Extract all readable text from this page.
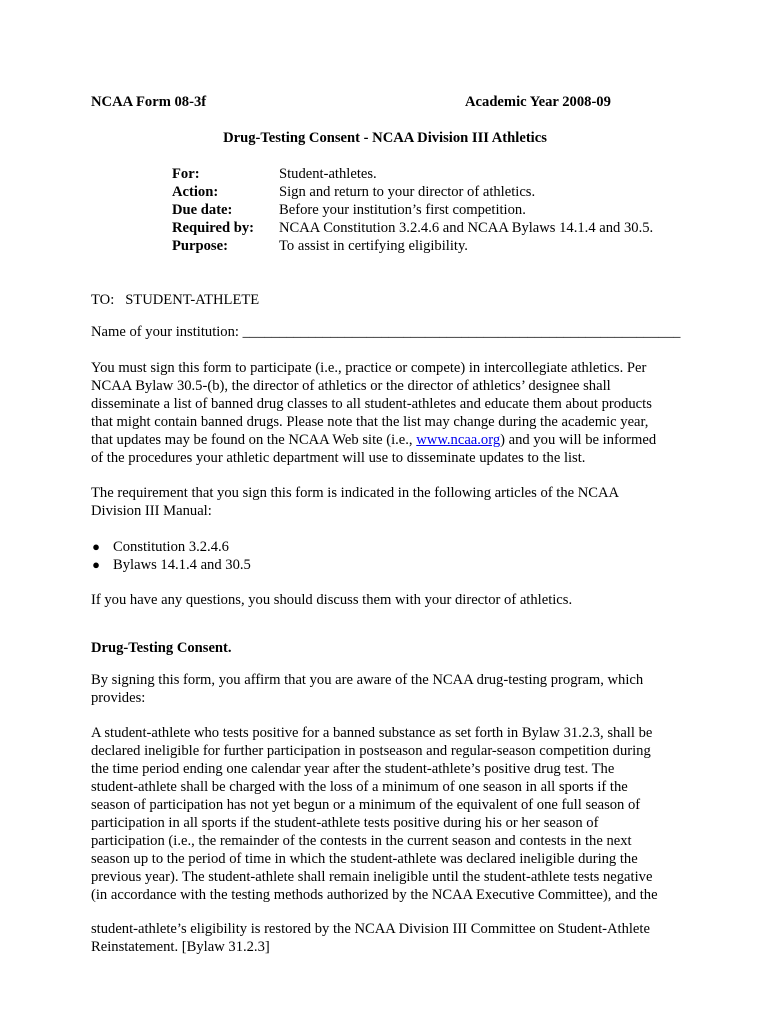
NCAA Form 08-3f	Academic Year 2008-09
Drug-Testing Consent - NCAA Division III Athletics
For:	Student-athletes.
Action:	Sign and return to your director of athletics.
Due date:	Before your institution’s first competition.
Required by: NCAA Constitution 3.2.4.6 and NCAA Bylaws 14.1.4 and 30.5.
Purpose:	To assist in certifying eligibility.
TO:   STUDENT-ATHLETE
Name of your institution: ____________________________________________________________
You must sign this form to participate (i.e., practice or compete) in intercollegiate athletics. Per
NCAA Bylaw 30.5-(b), the director of athletics or the director of athletics’ designee shall
disseminate a list of banned drug classes to all student-athletes and educate them about products
that might contain banned drugs. Please note that the list may change during the academic year,
that updates may be found on the NCAA Web site (i.e., www.ncaa.org) and you will be informed
of the procedures your athletic department will use to disseminate updates to the list.
The requirement that you sign this form is indicated in the following articles of the NCAA
Division III Manual:
● Constitution 3.2.4.6
● Bylaws 14.1.4 and 30.5
If you have any questions, you should discuss them with your director of athletics.
Drug-Testing Consent.
By signing this form, you affirm that you are aware of the NCAA drug-testing program, which
provides:
A student-athlete who tests positive for a banned substance as set forth in Bylaw 31.2.3, shall be
declared ineligible for further participation in postseason and regular-season competition during
the time period ending one calendar year after the student-athlete’s positive drug test. The
student-athlete shall be charged with the loss of a minimum of one season in all sports if the
season of participation has not yet begun or a minimum of the equivalent of one full season of
participation in all sports if the student-athlete tests positive during his or her season of
participation (i.e., the remainder of the contests in the current season and contests in the next
season up to the period of time in which the student-athlete was declared ineligible during the
previous year). The student-athlete shall remain ineligible until the student-athlete tests negative
(in accordance with the testing methods authorized by the NCAA Executive Committee), and the
student-athlete’s eligibility is restored by the NCAA Division III Committee on Student-Athlete
Reinstatement. [Bylaw 31.2.3]
